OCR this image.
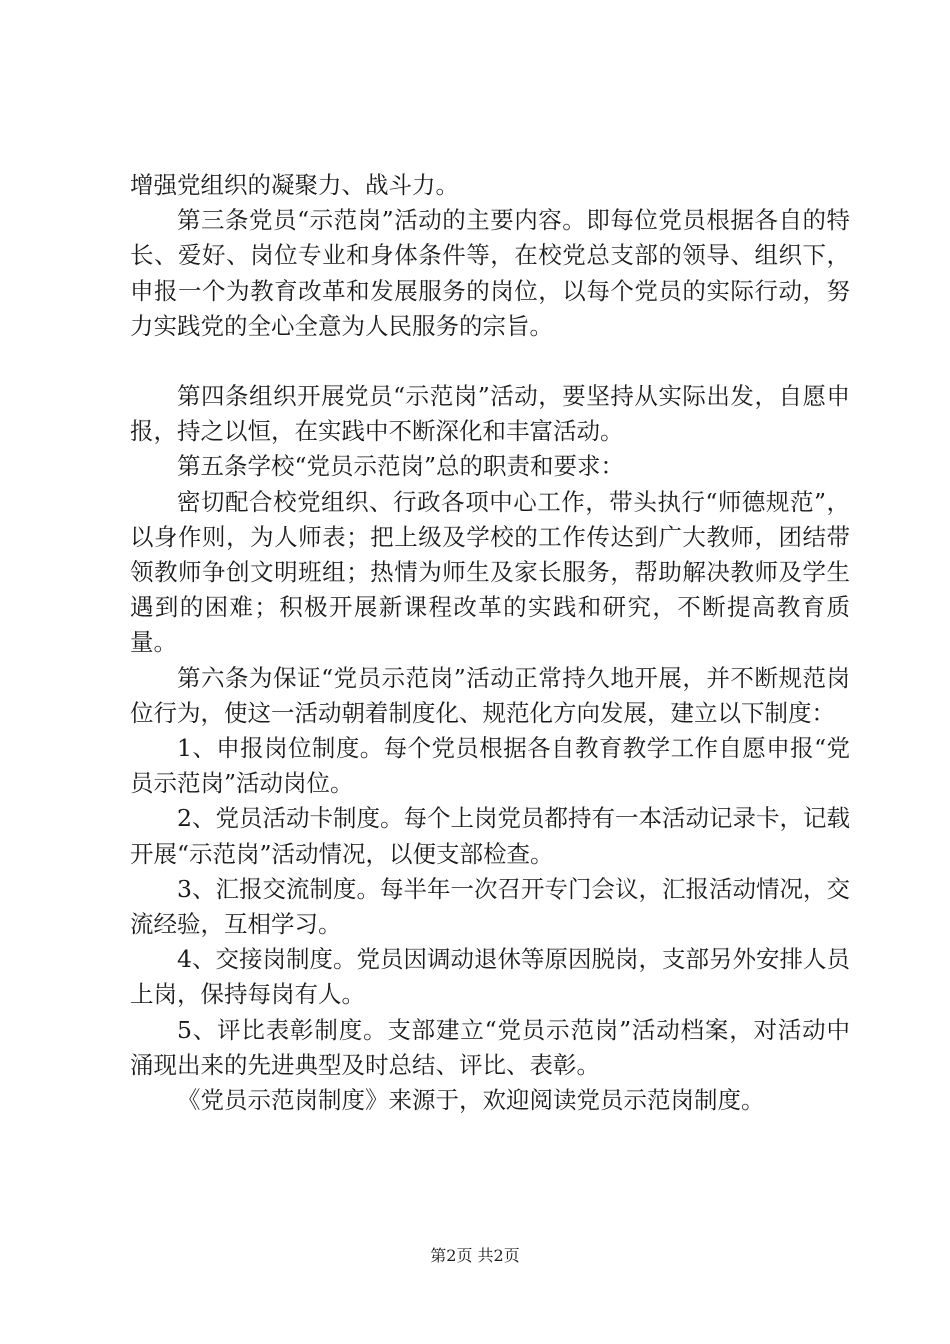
增强党组织的凝聚力、战斗力。

第三条党员“示范岗”活动的主要内容。即每位党员根据各自的特长、爱好、岗位专业和身体条件等，在校党总支部的领导、组织下，申报一个为教育改革和发展服务的岗位，以每个党员的实际行动，努力实践党的全心全意为人民服务的宗旨。

第四条组织开展党员“示范岗”活动，要坚持从实际出发，自愿申报，持之以恒，在实践中不断深化和丰富活动。

第五条学校“党员示范岗”总的职责和要求：

密切配合校党组织、行政各项中心工作，带头执行“师德规范”，以身作则，为人师表；把上级及学校的工作传达到广大教师，团结带领教师争创文明班组；热情为师生及家长服务，帮助解决教师及学生遇到的困难；积极开展新课程改革的实践和研究，不断提高教育质量。

第六条为保证“党员示范岗”活动正常持久地开展，并不断规范岗位行为，使这一活动朝着制度化、规范化方向发展，建立以下制度：

1、申报岗位制度。每个党员根据各自教育教学工作自愿申报“党员示范岗”活动岗位。

2、党员活动卡制度。每个上岗党员都持有一本活动记录卡，记载开展“示范岗”活动情况，以便支部检查。

3、汇报交流制度。每半年一次召开专门会议，汇报活动情况，交流经验，互相学习。

4、交接岗制度。党员因调动退休等原因脱岗，支部另外安排人员上岗，保持每岗有人。

5、评比表彰制度。支部建立“党员示范岗”活动档案，对活动中涌现出来的先进典型及时总结、评比、表彰。

《党员示范岗制度》来源于，欢迎阅读党员示范岗制度。

第2页 共2页
